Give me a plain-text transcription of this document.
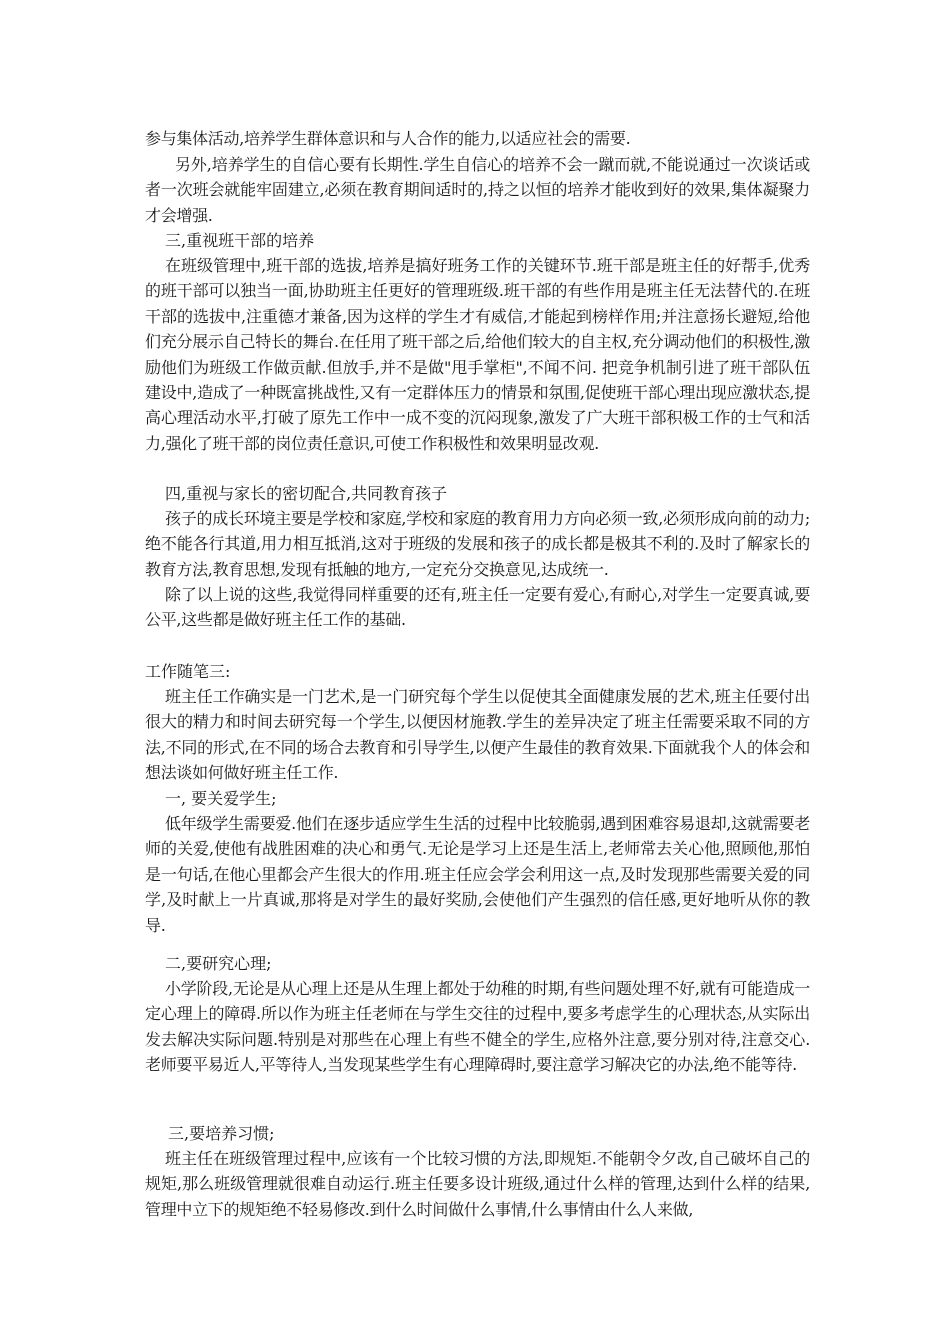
参与集体活动,培养学生群体意识和与人合作的能力,以适应社会的需要.

另外,培养学生的自信心要有长期性.学生自信心的培养不会一蹴而就,不能说通过一次谈话或者一次班会就能牢固建立,必须在教育期间适时的,持之以恒的培养才能收到好的效果,集体凝聚力才会增强.

三,重视班干部的培养

在班级管理中,班干部的选拔,培养是搞好班务工作的关键环节.班干部是班主任的好帮手,优秀的班干部可以独当一面,协助班主任更好的管理班级.班干部的有些作用是班主任无法替代的.在班干部的选拔中,注重德才兼备,因为这样的学生才有威信,才能起到榜样作用;并注意扬长避短,给他们充分展示自己特长的舞台.在任用了班干部之后,给他们较大的自主权,充分调动他们的积极性,激励他们为班级工作做贡献.但放手,并不是做"甩手掌柜",不闻不问. 把竞争机制引进了班干部队伍建设中,造成了一种既富挑战性,又有一定群体压力的情景和氛围,促使班干部心理出现应激状态,提高心理活动水平,打破了原先工作中一成不变的沉闷现象,激发了广大班干部积极工作的士气和活力,强化了班干部的岗位责任意识,可使工作积极性和效果明显改观.

四,重视与家长的密切配合,共同教育孩子

孩子的成长环境主要是学校和家庭,学校和家庭的教育用力方向必须一致,必须形成向前的动力;绝不能各行其道,用力相互抵消,这对于班级的发展和孩子的成长都是极其不利的.及时了解家长的教育方法,教育思想,发现有抵触的地方,一定充分交换意见,达成统一.

除了以上说的这些,我觉得同样重要的还有,班主任一定要有爱心,有耐心,对学生一定要真诚,要公平,这些都是做好班主任工作的基础.

工作随笔三:

班主任工作确实是一门艺术,是一门研究每个学生以促使其全面健康发展的艺术,班主任要付出很大的精力和时间去研究每一个学生,以便因材施教.学生的差异决定了班主任需要采取不同的方法,不同的形式,在不同的场合去教育和引导学生,以便产生最佳的教育效果.下面就我个人的体会和想法谈如何做好班主任工作.

一, 要关爱学生;

低年级学生需要爱.他们在逐步适应学生生活的过程中比较脆弱,遇到困难容易退却,这就需要老师的关爱,使他有战胜困难的决心和勇气.无论是学习上还是生活上,老师常去关心他,照顾他,那怕是一句话,在他心里都会产生很大的作用.班主任应会学会利用这一点,及时发现那些需要关爱的同学,及时献上一片真诚,那将是对学生的最好奖励,会使他们产生强烈的信任感,更好地听从你的教导.

二,要研究心理;

小学阶段,无论是从心理上还是从生理上都处于幼稚的时期,有些问题处理不好,就有可能造成一定心理上的障碍.所以作为班主任老师在与学生交往的过程中,要多考虑学生的心理状态,从实际出发去解决实际问题.特别是对那些在心理上有些不健全的学生,应格外注意,要分别对待,注意交心.老师要平易近人,平等待人,当发现某些学生有心理障碍时,要注意学习解决它的办法,绝不能等待.

三,要培养习惯;

班主任在班级管理过程中,应该有一个比较习惯的方法,即规矩.不能朝令夕改,自己破坏自己的规矩,那么班级管理就很难自动运行.班主任要多设计班级,通过什么样的管理,达到什么样的结果,管理中立下的规矩绝不轻易修改.到什么时间做什么事情,什么事情由什么人来做,
